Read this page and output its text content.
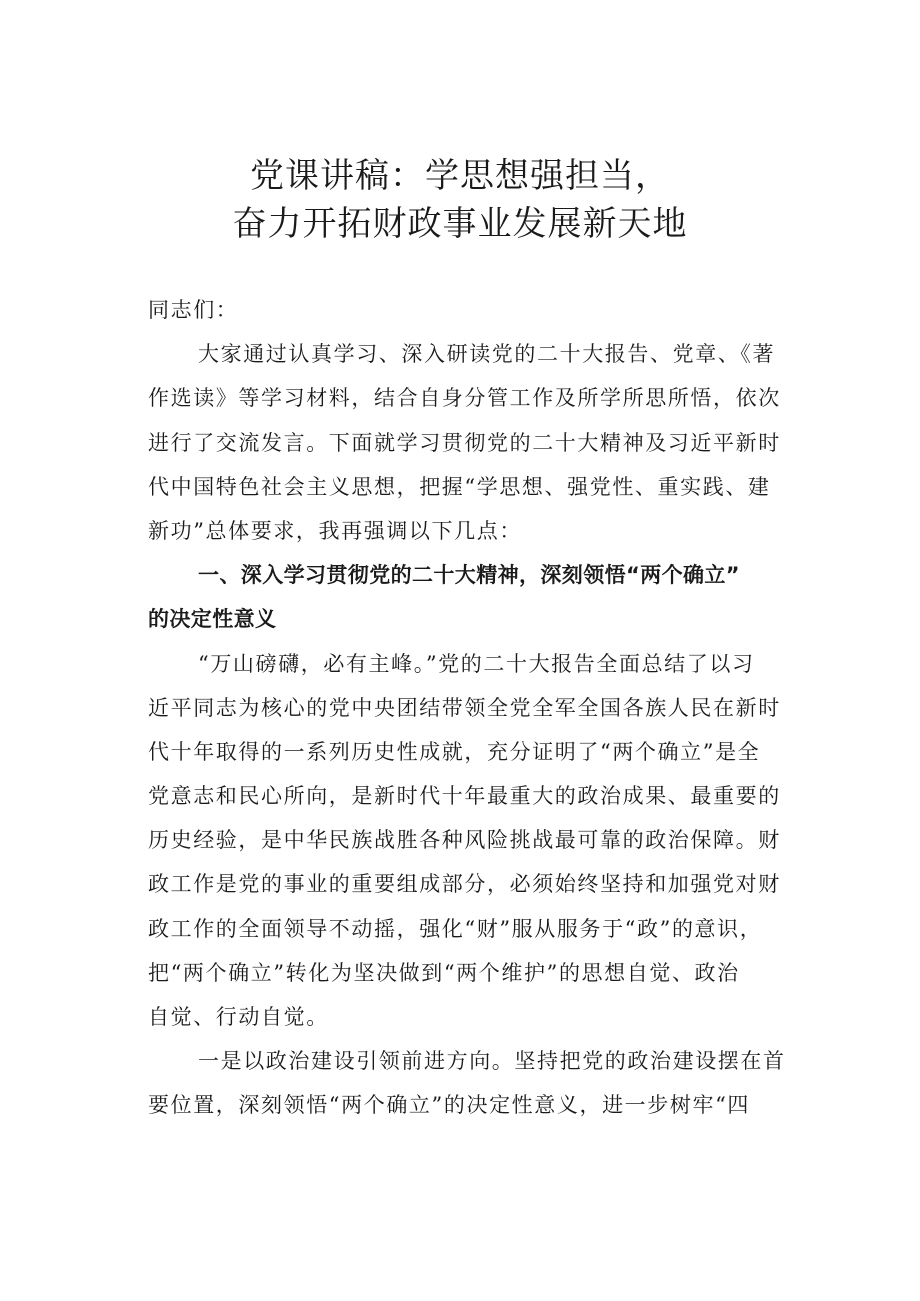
党课讲稿：学思想强担当，
奋力开拓财政事业发展新天地
同志们：
大家通过认真学习、深入研读党的二十大报告、党章、《著
作选读》等学习材料，结合自身分管工作及所学所思所悟，依次
进行了交流发言。下面就学习贯彻党的二十大精神及习近平新时
代中国特色社会主义思想，把握“学思想、强党性、重实践、建
新功”总体要求，我再强调以下几点：
一、深入学习贯彻党的二十大精神，深刻领悟“两个确立”
的决定性意义
“万山磅礴，必有主峰。”党的二十大报告全面总结了以习
近平同志为核心的党中央团结带领全党全军全国各族人民在新时
代十年取得的一系列历史性成就，充分证明了“两个确立”是全
党意志和民心所向，是新时代十年最重大的政治成果、最重要的
历史经验，是中华民族战胜各种风险挑战最可靠的政治保障。财
政工作是党的事业的重要组成部分，必须始终坚持和加强党对财
政工作的全面领导不动摇，强化“财”服从服务于“政”的意识，
把“两个确立”转化为坚决做到“两个维护”的思想自觉、政治
自觉、行动自觉。
一是以政治建设引领前进方向。坚持把党的政治建设摆在首
要位置，深刻领悟“两个确立”的决定性意义，进一步树牢“四
